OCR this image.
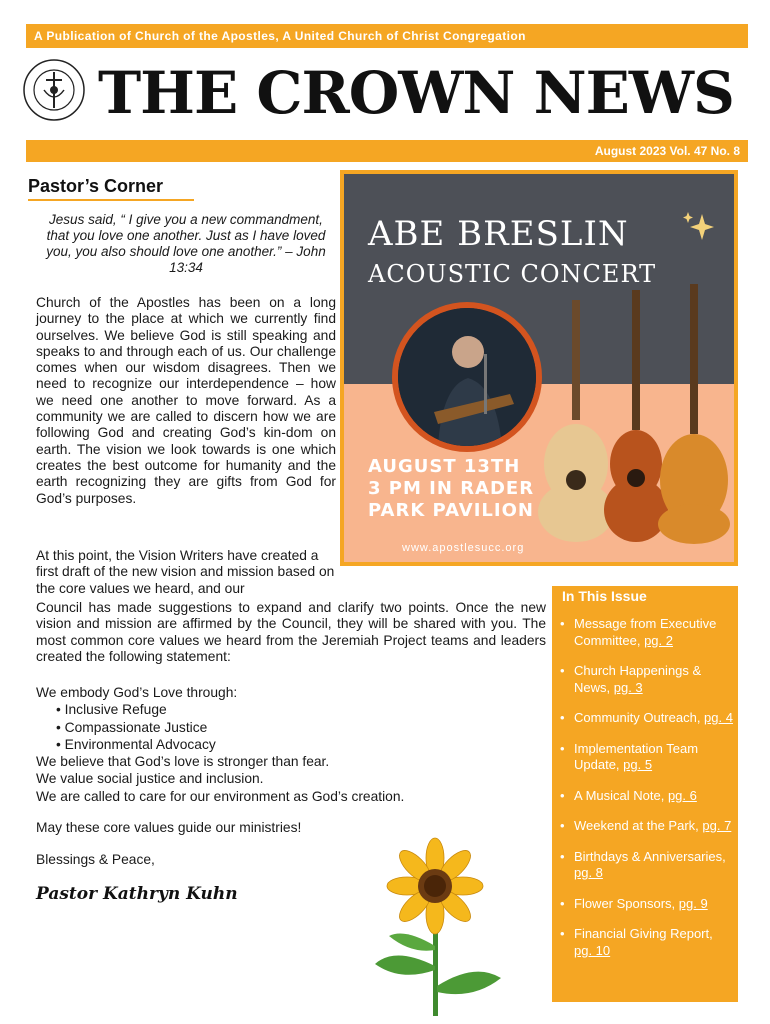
A Publication of Church of the Apostles, A United Church of Christ Congregation
THE CROWN NEWS
August 2023 Vol. 47 No. 8
Pastor’s Corner
Jesus said, “ I give you a new commandment, that you love one another. Just as I have loved you, you also should love one another.” – John 13:34
Church of the Apostles has been on a long journey to the place at which we currently find ourselves. We believe God is still speaking and speaks to and through each of us. Our challenge comes when our wisdom disagrees. Then we need to recognize our interdependence – how we need one another to move forward. As a community we are called to discern how we are following God and creating God’s kin-dom on earth. The vision we look towards is one which creates the best outcome for humanity and the earth recognizing they are gifts from God for God’s purposes.
At this point, the Vision Writers have created a first draft of the new vision and mission based on the core values we heard, and our
Council has made suggestions to expand and clarify two points. Once the new vision and mission are affirmed by the Council, they will be shared with you. The most common core values we heard from the Jeremiah Project teams and leaders created the following statement:
We embody God’s Love through:
• Inclusive Refuge
• Compassionate Justice
• Environmental Advocacy
We believe that God’s love is stronger than fear.
We value social justice and inclusion.
We are called to care for our environment as God’s creation.
May these core values guide our ministries!
Blessings & Peace,
Pastor Kathryn Kuhn
ABE BRESLIN
ACOUSTIC CONCERT
AUGUST 13TH
3 PM IN RADER
PARK PAVILION
www.apostlesucc.org
In This Issue
• Message from Executive Committee, pg. 2
• Church Happenings & News, pg. 3
• Community Outreach, pg. 4
• Implementation Team Update, pg. 5
• A Musical Note, pg. 6
• Weekend at the Park, pg. 7
• Birthdays & Anniversaries, pg. 8
• Flower Sponsors, pg. 9
• Financial Giving Report, pg. 10
